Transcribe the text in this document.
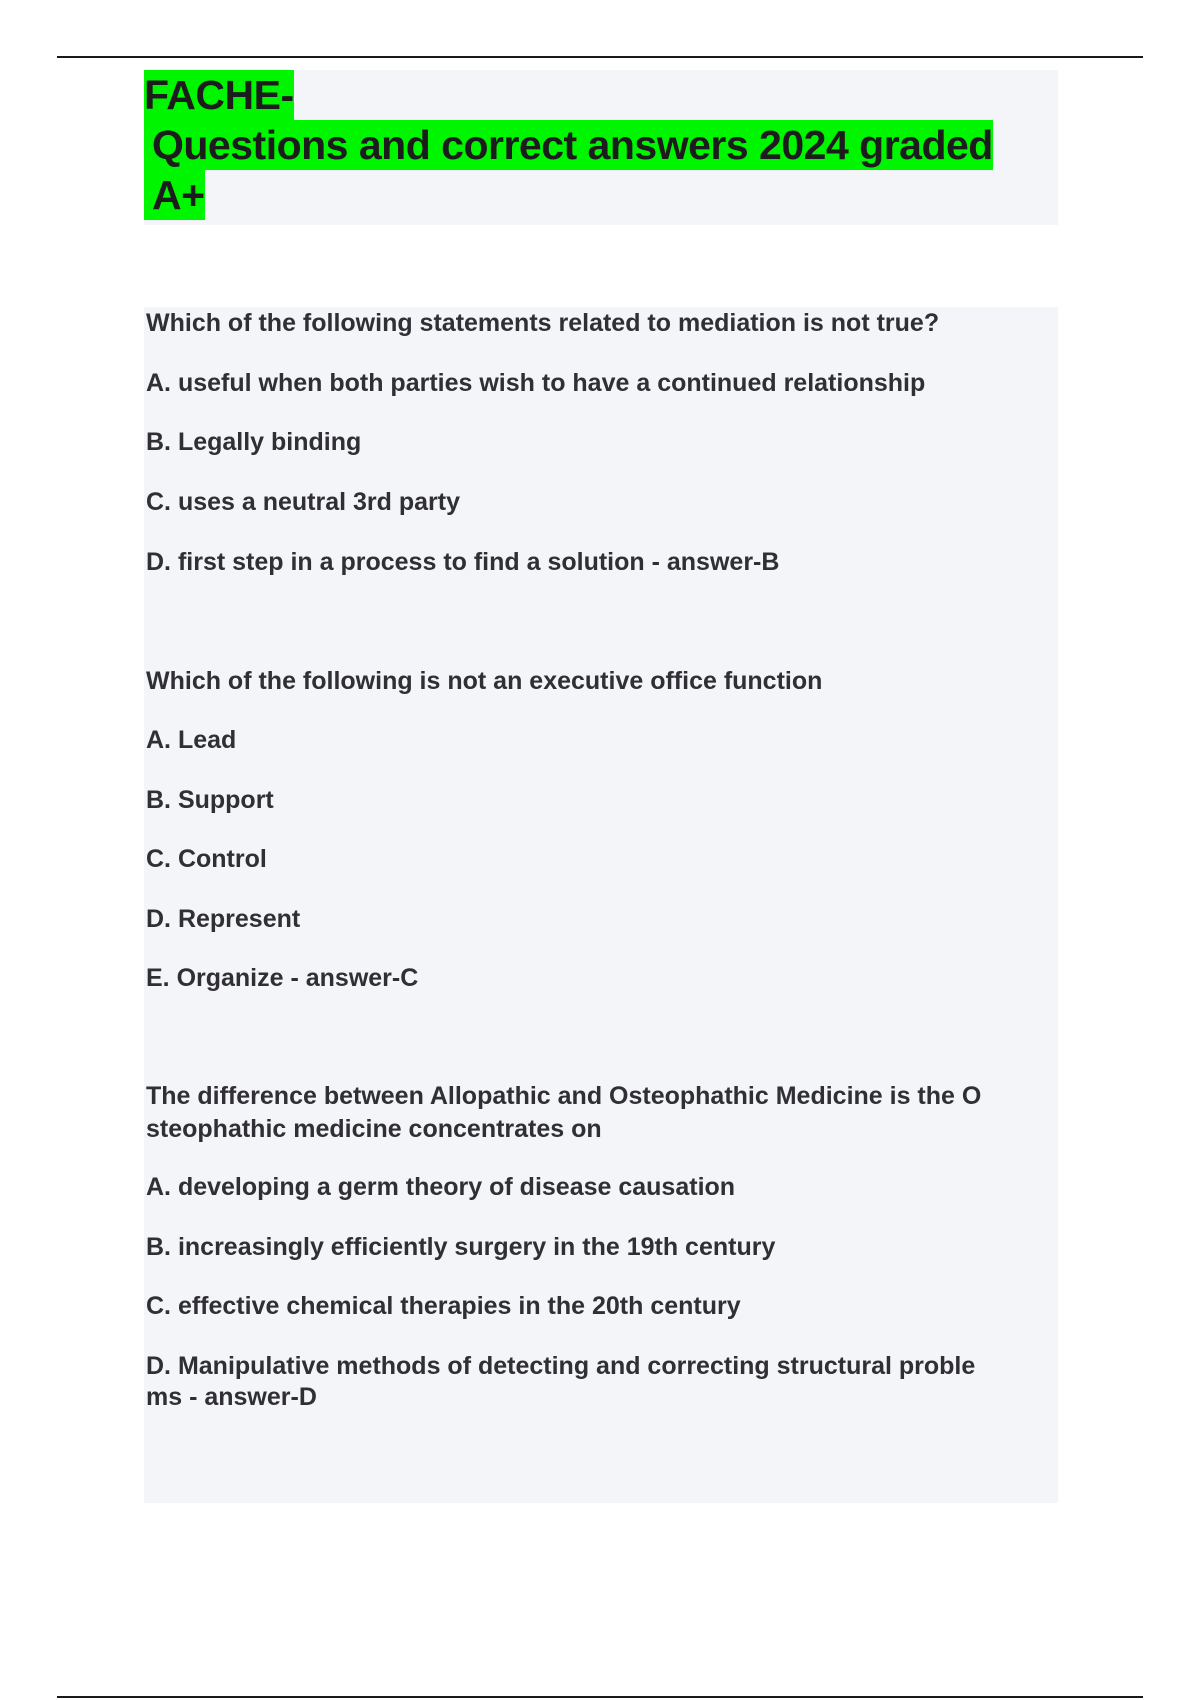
FACHE-
Questions and correct answers 2024 graded
A+
Which of the following statements related to mediation is not true?
A. useful when both parties wish to have a continued relationship
B. Legally binding
C. uses a neutral 3rd party
D. first step in a process to find a solution - answer-B
Which of the following is not an executive office function
A. Lead
B. Support
C. Control
D. Represent
E. Organize - answer-C
The difference between Allopathic and Osteophathic Medicine is the O
steophathic medicine concentrates on
A. developing a germ theory of disease causation
B. increasingly efficiently surgery in the 19th century
C. effective chemical therapies in the 20th century
D. Manipulative methods of detecting and correcting structural proble
ms - answer-D
